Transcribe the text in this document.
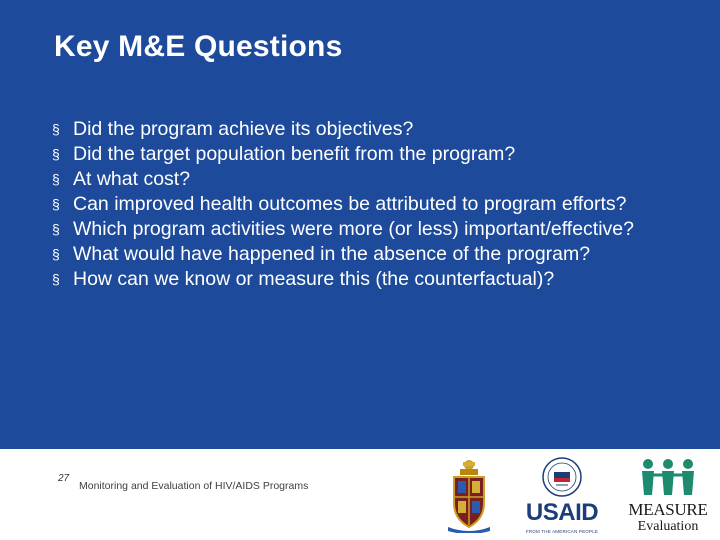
Key M&E Questions
§ Did the program achieve its objectives?
§ Did the target population benefit from the program?
§ At what cost?
§ Can improved health outcomes be attributed to program efforts?
§ Which program activities were more (or less) important/effective?
§ What would have happened in the absence of the program?
§ How can we know or measure this (the counterfactual)?
27
Monitoring and Evaluation of HIV/AIDS Programs
USAID
FROM THE AMERICAN PEOPLE
MEASURE
Evaluation
